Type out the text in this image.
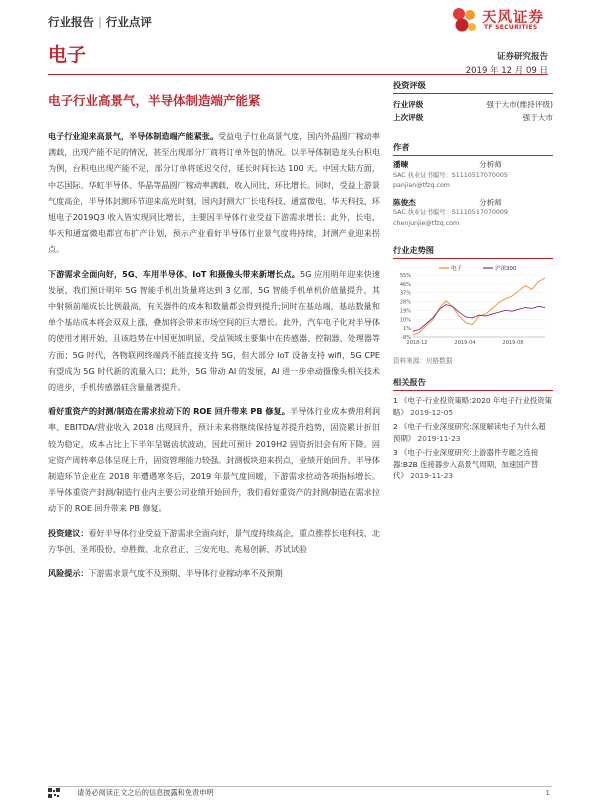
行业报告 | 行业点评	天风证券
TF SECURITIES
电子	证券研究报告
2019 年 12 月 09 日
电子行业高景气，半导体制造端产能紧

电子行业迎来高景气，半导体制造端产能紧张。受益电子行业高景气度，国内外晶圆厂稼动率满载，出现产能不足的情况，甚至出现部分厂商将订单外包的情况。以半导体制造龙头台积电为例，台积电出现产能不足，部分订单将延迟交付，延长时间长达 100 天。中国大陆方面，中芯国际、华虹半导体、华晶等晶圆厂稼动率满载，收入同比、环比增长。同时，受益上游景气度高企，半导体封测环节迎来高光时刻，国内封测大厂长电科技、通富微电、华天科技、环旭电子2019Q3 收入皆实现同比增长，主要因半导体行业受益下游需求增长；此外，长电、华天和通富微电都宣布扩产计划，预示产业看好半导体行业景气度将持续，封测产业迎来拐点。

下游需求全面向好，5G、车用半导体、IoT 和摄像头带来新增长点。5G 应用明年迎来快速发展，我们预计明年 5G 智能手机出货量将达到 3 亿部，5G 智能手机单机价值量提升，其中射频前端成长比例最高，有关器件的成本和数量都会得到提升;同时在基站端，基站数量和单个基站成本将会双双上涨，叠加将会带来市场空间的巨大增长。此外，汽车电子化对半导体的使用才刚开始，且该趋势在中国更加明显，受益领域主要集中在传感器、控制器、处理器等方面；5G 时代，各物联网终端尚不能直接支持 5G，但大部分 IoT 设备支持 wifi，5G CPE 有望成为 5G 时代新的流量入口；此外，5G 带动 AI 的发展，AI 进一步牵动摄像头相关技术的进步，手机传感器硅含量量著提升。

看好重资产的封测/制造在需求拉动下的 ROE 回升带来 PB 修复。半导体行业成本费用利润率、EBITDA/营业收入 2018 出现回升，预计未来将继续保持复苏提升趋势，固资累计折旧较为稳定，成本占比上下半年呈锯齿状波动，因此可预计 2019H2 固资折旧会有所下降。固定资产周转率总体呈现上升，固资管理能力较强。封测板块迎来拐点，业绩开始回升。半导体制造环节企业在 2018 年遭遇寒冬后，2019 年景气度回暖，下游需求拉动各项指标增长。半导体重资产封测/制造行业内主要公司业绩开始回升，我们看好重资产的封测/制造在需求拉动下的 ROE 回升带来 PB 修复。

投资建议：看好半导体行业受益下游需求全面向好，景气度持续高企，重点推荐长电科技、北方华创、圣邦股份、卓胜微、北京君正、三安光电、兆易创新、苏试试验

风险提示：下游需求景气度不及预期、半导体行业稼动率不及预期

投资评级
行业评级	强于大市(维持评级)
上次评级	强于大市
作者
潘暕	分析师
SAC 执业证书编号：S1110517070005
panjian@tfzq.com
陈俊杰	分析师
SAC 执业证书编号：S1110517070009
chenjunjie@tfzq.com
行业走势图
55%
46%
37%
28%
19%
10%
1%
-8%
2018-12	2019-04	2019-08
电子	沪深300
资料来源：贝格数据
相关报告
1 《电子-行业投资策略:2020 年电子行业投资策略》 2019-12-05
2 《电子-行业深度研究:深度解读电子为什么超预期》 2019-11-23
3 《电子-行业深度研究:上游器件专题之连接器:B2B 连接器步入高景气周期，加速国产替代》 2019-11-23
请务必阅读正文之后的信息披露和免责申明	1
